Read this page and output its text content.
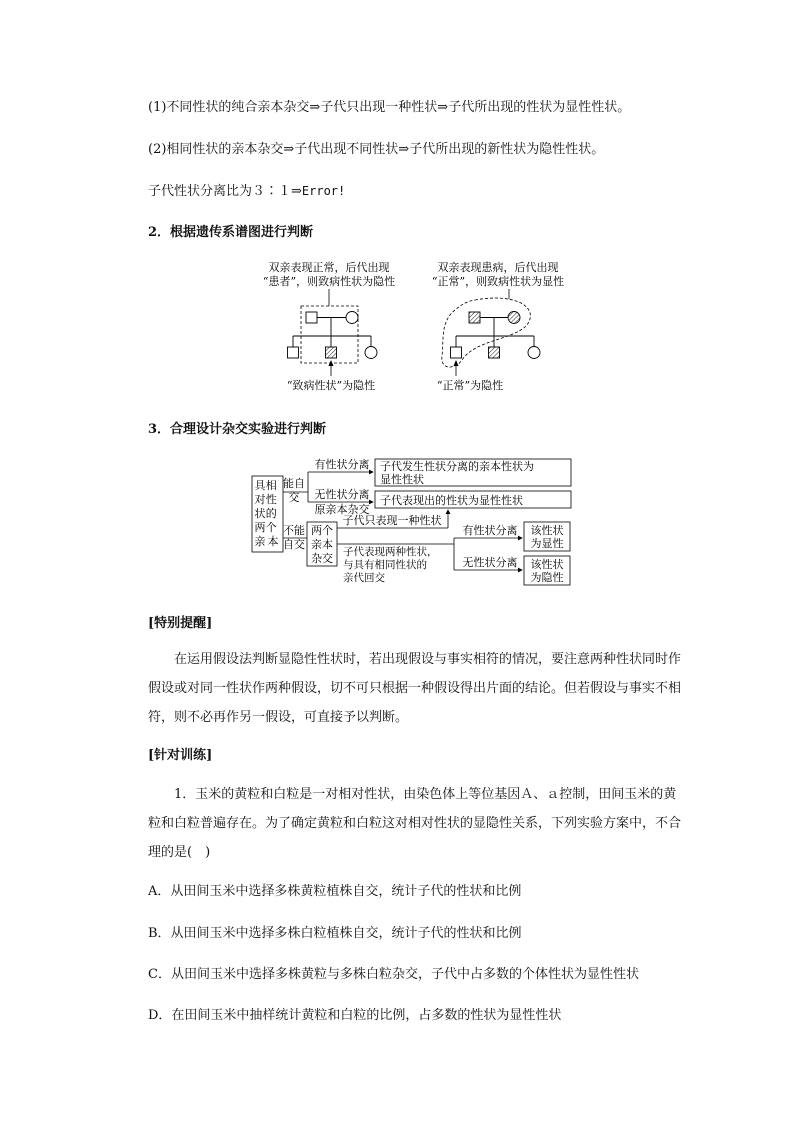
(1)不同性状的纯合亲本杂交⇒子代只出现一种性状⇒子代所出现的性状为显性性状。
(2)相同性状的亲本杂交⇒子代出现不同性状⇒子代所出现的新性状为隐性性状。
子代性状分离比为３∶１⇒Error!
2．根据遗传系谱图进行判断
双亲表现正常，后代出现
“患者”，则致病性状为隐性
“致病性状”为隐性
双亲表现患病，后代出现
“正常”，则致病性状为显性
“正常”为隐性
3．合理设计杂交实验进行判断
具相 对性 状的 两个 亲 本
能自
交
有性状分离 子代发生性状分离的亲本性状为
显性性状
无性状分离
原亲本杂交
子代表现出的性状为显性性状
不能
自交
两个
亲本
杂交
子代只表现一种性状
子代表现两种性状，
与具有相同性状的
亲代回交
有性状分离
无性状分离
该性状
为显性
该性状
为隐性
[特别提醒]
在运用假设法判断显隐性性状时，若出现假设与事实相符的情况，要注意两种性状同时作假设或对同一性状作两种假设，切不可只根据一种假设得出片面的结论。但若假设与事实不相符，则不必再作另一假设，可直接予以判断。
[针对训练]
1．玉米的黄粒和白粒是一对相对性状，由染色体上等位基因Ａ、ａ控制，田间玉米的黄粒和白粒普遍存在。为了确定黄粒和白粒这对相对性状的显隐性关系，下列实验方案中，不合理的是(　)
A．从田间玉米中选择多株黄粒植株自交，统计子代的性状和比例
B．从田间玉米中选择多株白粒植株自交，统计子代的性状和比例
C．从田间玉米中选择多株黄粒与多株白粒杂交，子代中占多数的个体性状为显性性状
D．在田间玉米中抽样统计黄粒和白粒的比例，占多数的性状为显性性状
